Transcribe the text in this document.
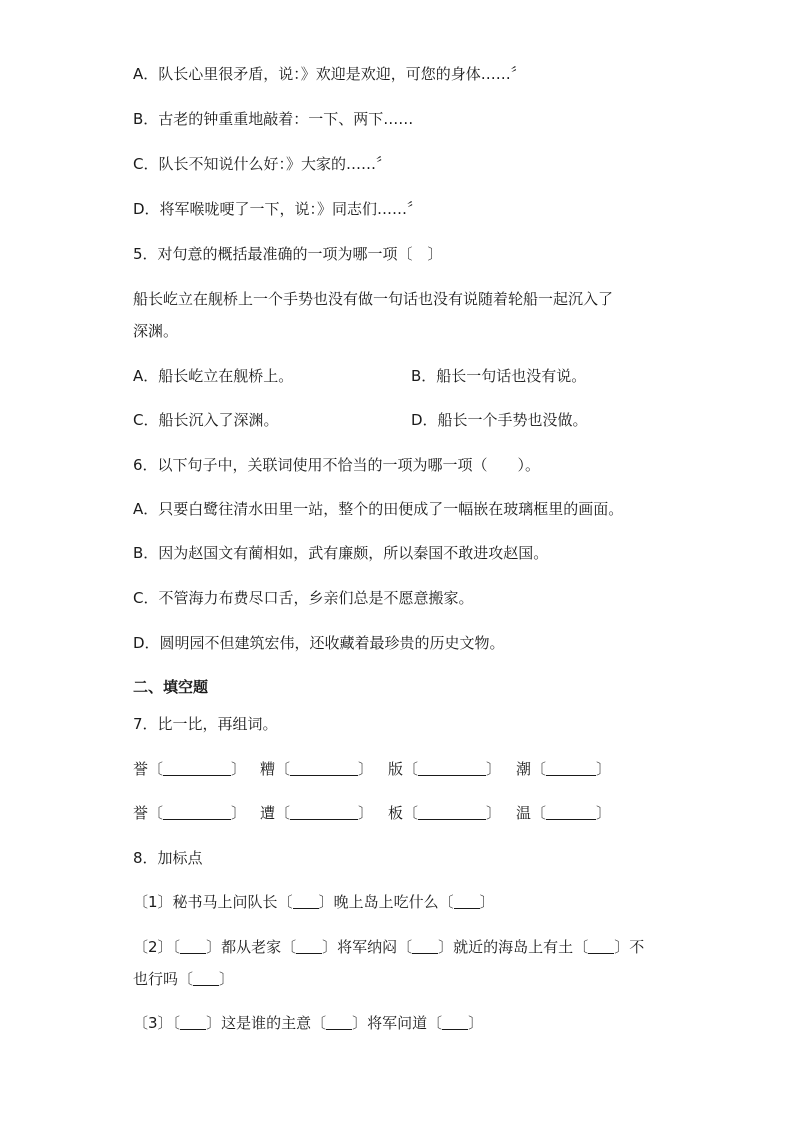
A．队长心里很矛盾，说：》欢迎是欢迎，可您的身体……〞
B．古老的钟重重地敲着：一下、两下……
C．队长不知说什么好：》大家的……〞
D．将军喉咙哽了一下，说：》同志们……〞
5．对句意的概括最准确的一项为哪一项〔　〕
船长屹立在舰桥上一个手势也没有做一句话也没有说随着轮船一起沉入了
深渊。
A．船长屹立在舰桥上。	B．船长一句话也没有说。
C．船长沉入了深渊。	D．船长一个手势也没做。
6．以下句子中，关联词使用不恰当的一项为哪一项（　　）。
A．只要白鹭往清水田里一站，整个的田便成了一幅嵌在玻璃框里的画面。
B．因为赵国文有蔺相如，武有廉颇，所以秦国不敢进攻赵国。
C．不管海力布费尽口舌，乡亲们总是不愿意搬家。
D．圆明园不但建筑宏伟，还收藏着最珍贵的历史文物。
二、填空题
7．比一比，再组词。
誉〔	〕 糟〔	〕 版〔	〕 潮〔	〕
誉〔	〕 遭〔	〕 板〔	〕 温〔	〕
8．加标点
〔1〕秘书马上问队长〔 〕晚上岛上吃什么〔 〕
〔2〕〔 〕都从老家〔 〕将军纳闷〔 〕就近的海岛上有土〔 〕不
也行吗〔 〕
〔3〕〔 〕这是谁的主意〔 〕将军问道〔 〕
